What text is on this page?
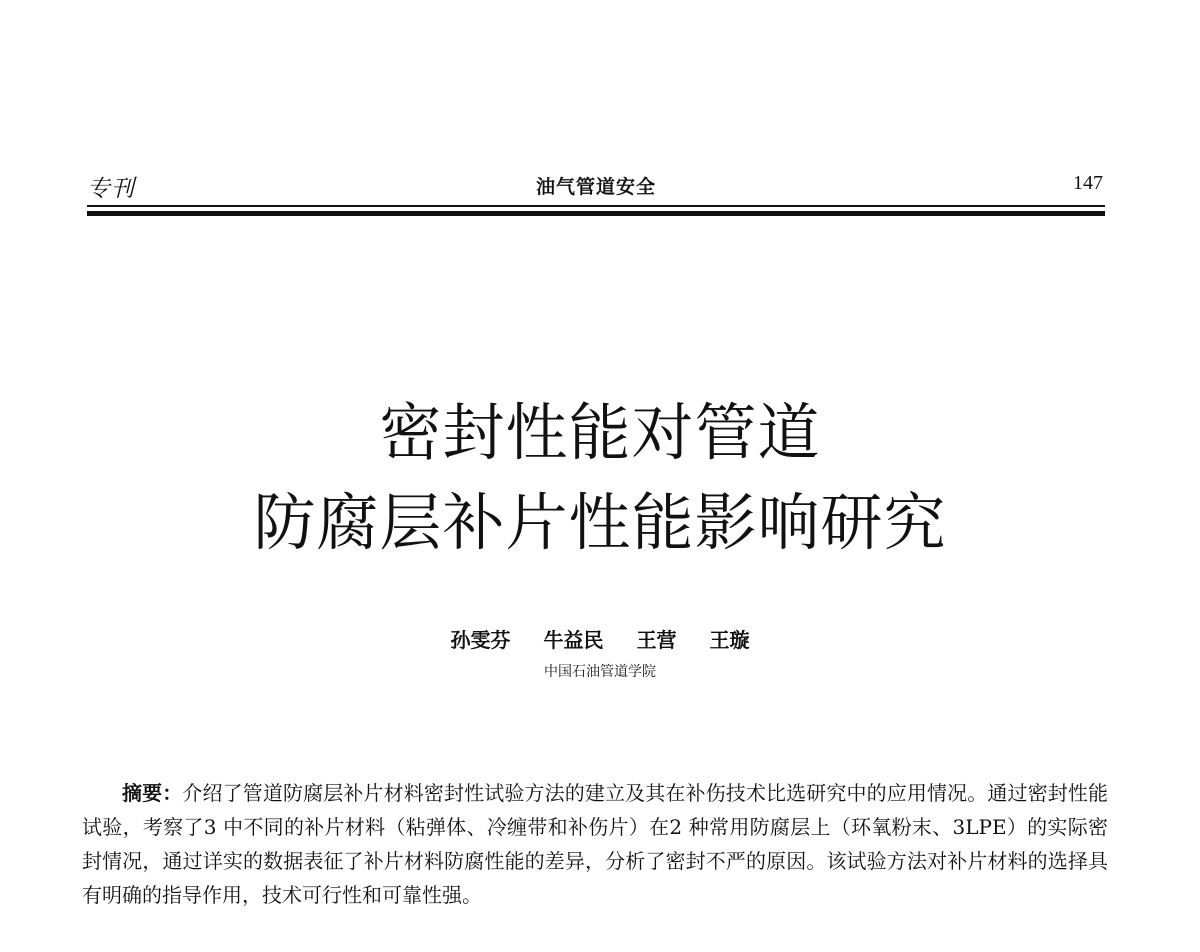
专刊	油气管道安全	147
密封性能对管道
防腐层补片性能影响研究
孙雯芬 牛益民 王营 王璇
中国石油管道学院

摘要：介绍了管道防腐层补片材料密封性试验方法的建立及其在补伤技术比选研究中的应用情况。通过密封性能试验，考察了3 中不同的补片材料（粘弹体、冷缠带和补伤片）在2 种常用防腐层上（环氧粉末、3LPE）的实际密封情况，通过详实的数据表征了补片材料防腐性能的差异，分析了密封不严的原因。该试验方法对补片材料的选择具有明确的指导作用，技术可行性和可靠性强。
